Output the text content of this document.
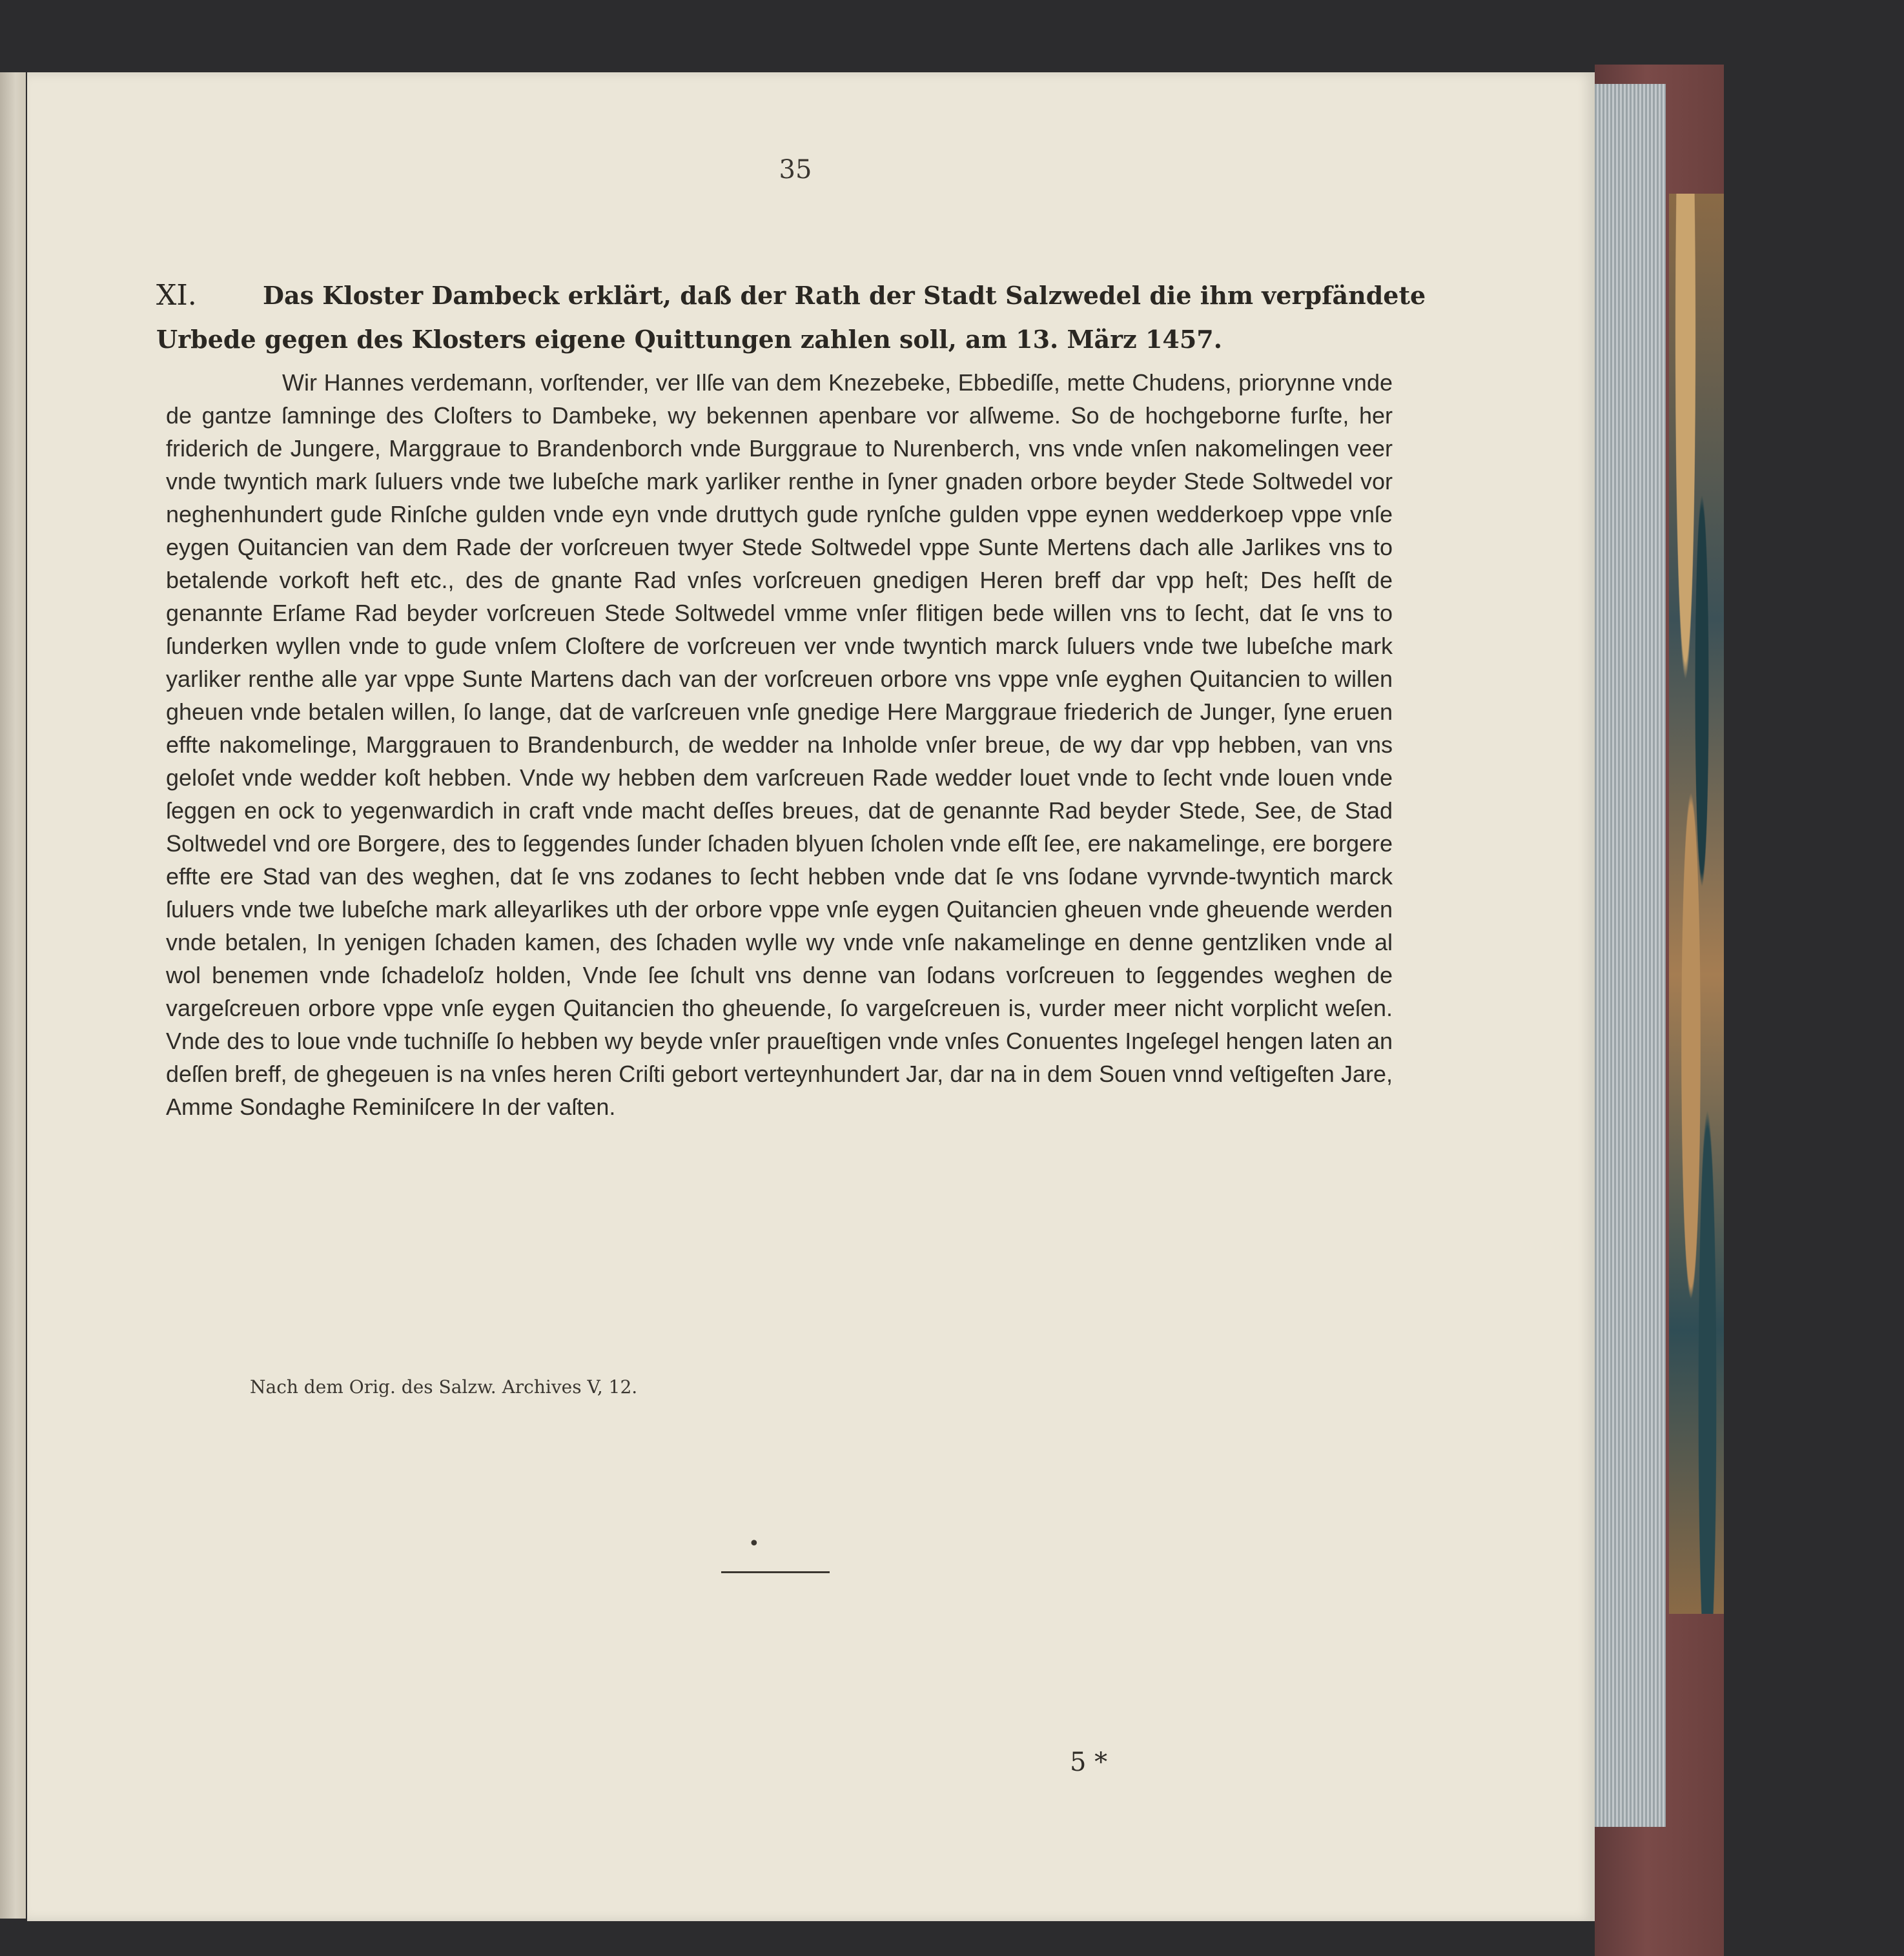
35
XI.	Das Kloster Dambeck erklärt, daß der Rath der Stadt Salzwedel die ihm verpfändete
Urbede gegen des Klosters eigene Quittungen zahlen soll, am 13. März 1457.
Wir Hannes verdemann, vorſtender, ver Ilſe van dem Knezebeke, Ebbediſſe, mette Chudens, priorynne vnde de gantze ſamninge des Cloſters to Dambeke, wy bekennen apenbare vor alſweme. So de hochgeborne furſte, her friderich de Jungere, Marggraue to Brandenborch vnde Burggraue to Nurenberch, vns vnde vnſen nakomelingen veer vnde twyntich mark ſuluers vnde twe lubeſche mark yarliker renthe in ſyner gnaden orbore beyder Stede Soltwedel vor neghenhundert gude Rinſche gulden vnde eyn vnde druttych gude rynſche gulden vppe eynen wedderkoep vppe vnſe eygen Quitancien van dem Rade der vorſcreuen twyer Stede Soltwedel vppe Sunte Mertens dach alle Jarlikes vns to betalende vorkoft heft etc., des de gnante Rad vnſes vorſcreuen gnedigen Heren breff dar vpp heſt; Des heſſt de genannte Erſame Rad beyder vorſcreuen Stede Soltwedel vmme vnſer flitigen bede willen vns to ſecht, dat ſe vns to ſunderken wyllen vnde to gude vnſem Cloſtere de vorſcreuen ver vnde twyntich marck ſuluers vnde twe lubeſche mark yarliker renthe alle yar vppe Sunte Martens dach van der vorſcreuen orbore vns vppe vnſe eyghen Quitancien to willen gheuen vnde betalen willen, ſo lange, dat de varſcreuen vnſe gnedige Here Marggraue friederich de Junger, ſyne eruen effte nakomelinge, Marggrauen to Brandenburch, de wedder na Inholde vnſer breue, de wy dar vpp hebben, van vns geloſet vnde wedder koſt hebben. Vnde wy hebben dem varſcreuen Rade wedder louet vnde to ſecht vnde louen vnde ſeggen en ock to yegenwardich in craft vnde macht deſſes breues, dat de genannte Rad beyder Stede, See, de Stad Soltwedel vnd ore Borgere, des to ſeggendes ſunder ſchaden blyuen ſcholen vnde eſſt ſee, ere nakamelinge, ere borgere effte ere Stad van des weghen, dat ſe vns zodanes to ſecht hebben vnde dat ſe vns ſodane vyrvnde-twyntich marck ſuluers vnde twe lubeſche mark alleyarlikes uth der orbore vppe vnſe eygen Quitancien gheuen vnde gheuende werden vnde betalen, In yenigen ſchaden kamen, des ſchaden wylle wy vnde vnſe nakamelinge en denne gentzliken vnde al wol benemen vnde ſchadeloſz holden, Vnde ſee ſchult vns denne van ſodans vorſcreuen to ſeggendes weghen de vargeſcreuen orbore vppe vnſe eygen Quitancien tho gheuende, ſo vargeſcreuen is, vurder meer nicht vorplicht weſen. Vnde des to loue vnde tuchniſſe ſo hebben wy beyde vnſer praueſtigen vnde vnſes Conuentes Ingeſegel hengen laten an deſſen breff, de ghegeuen is na vnſes heren Criſti gebort verteynhundert Jar, dar na in dem Souen vnnd veſtigeſten Jare, Amme Sondaghe Reminiſcere In der vaſten.
Nach dem Orig. des Salzw. Archives V, 12.
•
5 *
